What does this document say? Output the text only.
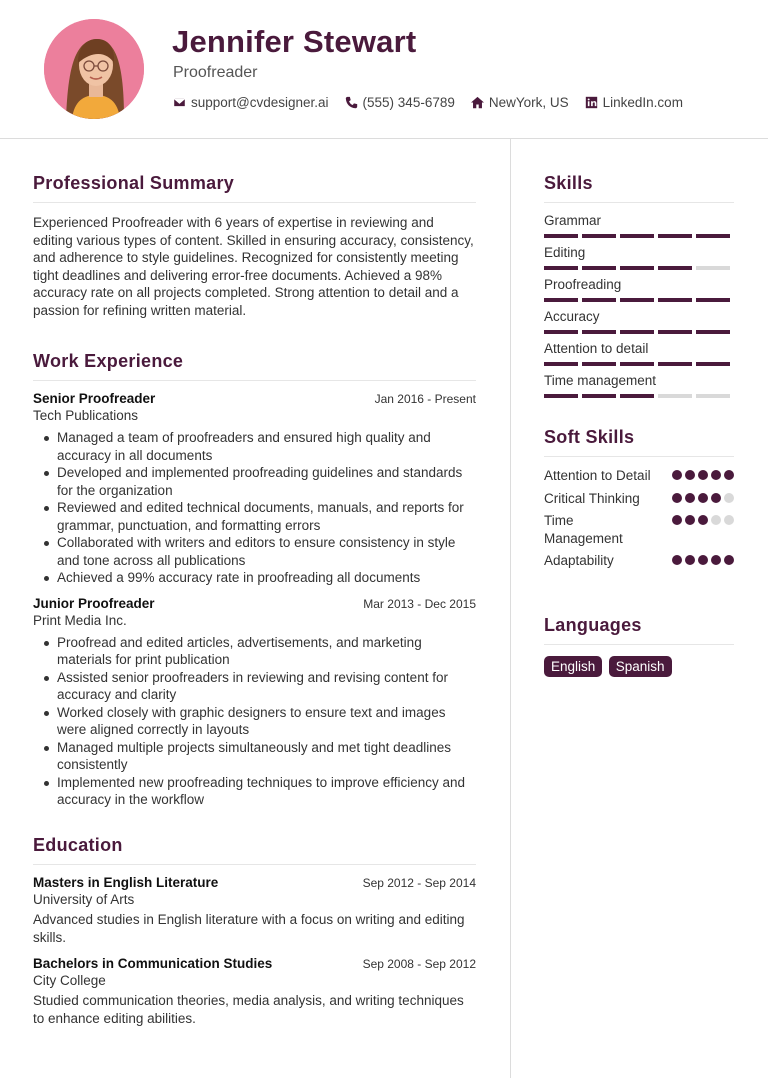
Jennifer Stewart
Proofreader
support@cvdesigner.ai	(555) 345-6789	NewYork, US	LinkedIn.com
Professional Summary
Experienced Proofreader with 6 years of expertise in reviewing and editing various types of content. Skilled in ensuring accuracy, consistency, and adherence to style guidelines. Recognized for consistently meeting tight deadlines and delivering error-free documents. Achieved a 98% accuracy rate on all projects completed. Strong attention to detail and a passion for refining written material.
Work Experience
Senior Proofreader	Jan 2016 - Present
Tech Publications
Managed a team of proofreaders and ensured high quality and accuracy in all documents
Developed and implemented proofreading guidelines and standards for the organization
Reviewed and edited technical documents, manuals, and reports for grammar, punctuation, and formatting errors
Collaborated with writers and editors to ensure consistency in style and tone across all publications
Achieved a 99% accuracy rate in proofreading all documents
Junior Proofreader	Mar 2013 - Dec 2015
Print Media Inc.
Proofread and edited articles, advertisements, and marketing materials for print publication
Assisted senior proofreaders in reviewing and revising content for accuracy and clarity
Worked closely with graphic designers to ensure text and images were aligned correctly in layouts
Managed multiple projects simultaneously and met tight deadlines consistently
Implemented new proofreading techniques to improve efficiency and accuracy in the workflow
Education
Masters in English Literature	Sep 2012 - Sep 2014
University of Arts
Advanced studies in English literature with a focus on writing and editing skills.
Bachelors in Communication Studies	Sep 2008 - Sep 2012
City College
Studied communication theories, media analysis, and writing techniques to enhance editing abilities.
Skills
Grammar
Editing
Proofreading
Accuracy
Attention to detail
Time management
Soft Skills
Attention to Detail
Critical Thinking
Time Management
Adaptability
Languages
English Spanish
